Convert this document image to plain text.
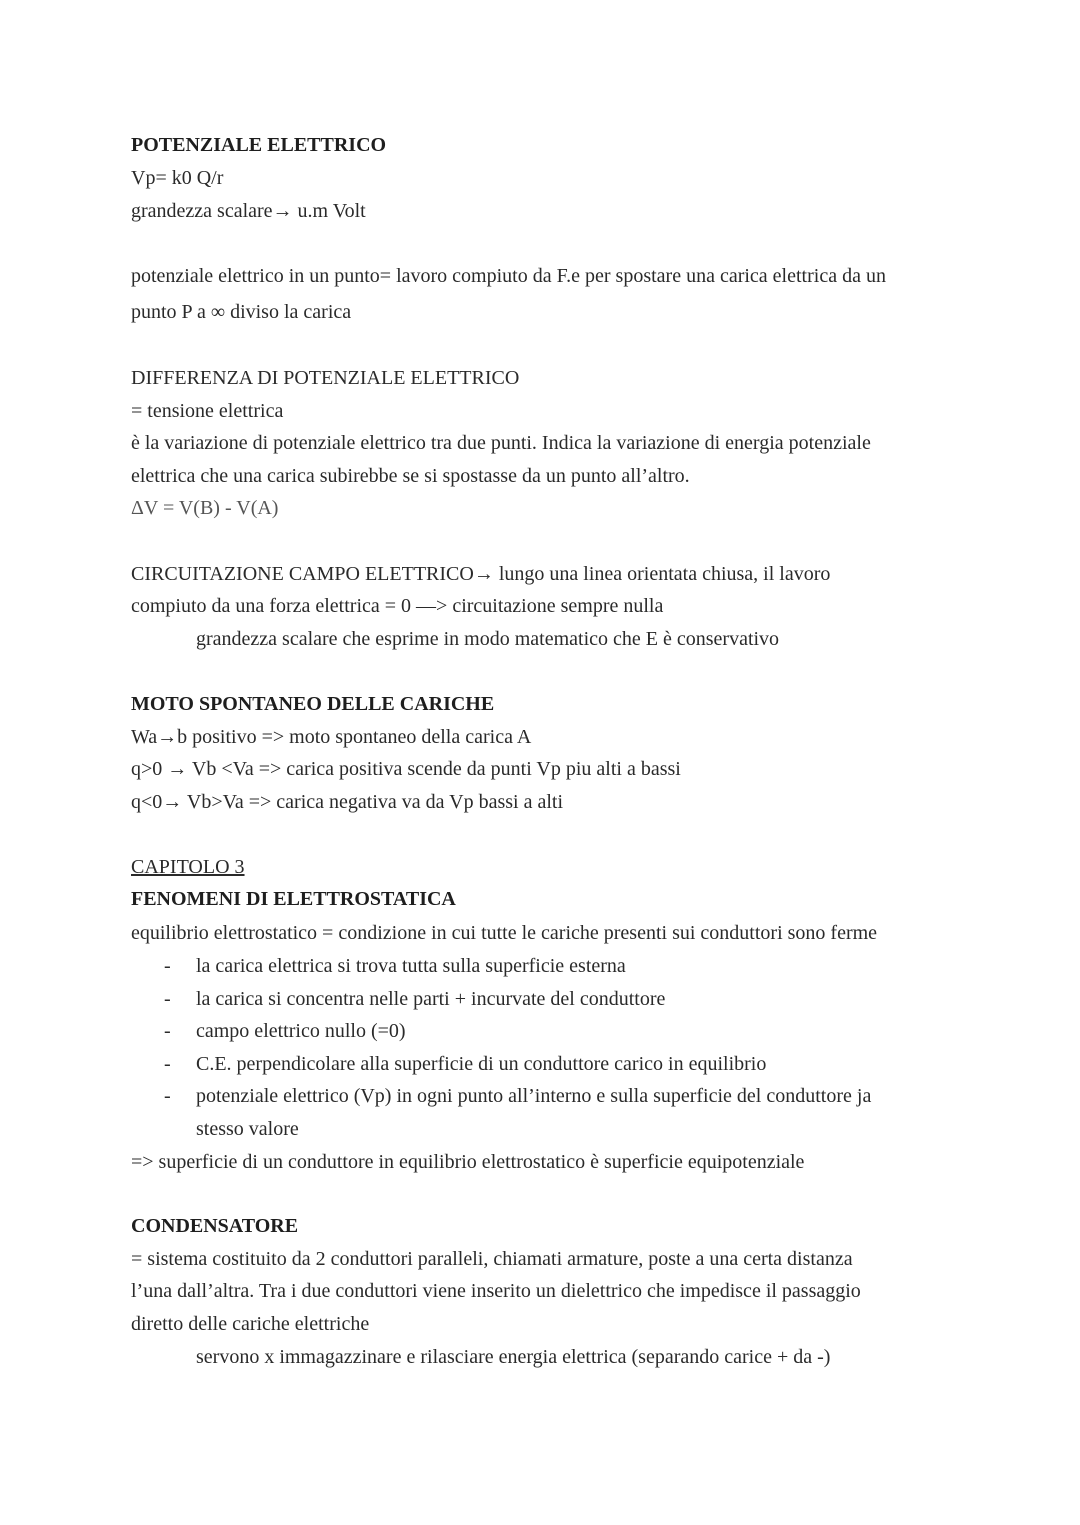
POTENZIALE ELETTRICO
Vp= k0 Q/r
grandezza scalare→ u.m Volt
potenziale elettrico in un punto= lavoro compiuto da F.e per spostare una carica elettrica da un
punto P a ∞ diviso la carica
DIFFERENZA DI POTENZIALE ELETTRICO
= tensione elettrica
è la variazione di potenziale elettrico tra due punti. Indica la variazione di energia potenziale
elettrica che una carica subirebbe se si spostasse da un punto all’altro.
ΔV = V(B) - V(A)
CIRCUITAZIONE CAMPO ELETTRICO→ lungo una linea orientata chiusa, il lavoro
compiuto da una forza elettrica = 0 —> circuitazione sempre nulla
grandezza scalare che esprime in modo matematico che E è conservativo
MOTO SPONTANEO DELLE CARICHE
Wa→b positivo => moto spontaneo della carica A
q>0 → Vb <Va => carica positiva scende da punti Vp piu alti a bassi
q<0→ Vb>Va => carica negativa va da Vp bassi a alti
CAPITOLO 3
FENOMENI DI ELETTROSTATICA
equilibrio elettrostatico = condizione in cui tutte le cariche presenti sui conduttori sono ferme
- la carica elettrica si trova tutta sulla superficie esterna
- la carica si concentra nelle parti + incurvate del conduttore
- campo elettrico nullo (=0)
- C.E. perpendicolare alla superficie di un conduttore carico in equilibrio
- potenziale elettrico (Vp) in ogni punto all’interno e sulla superficie del conduttore ja
stesso valore
=> superficie di un conduttore in equilibrio elettrostatico è superficie equipotenziale
CONDENSATORE
= sistema costituito da 2 conduttori paralleli, chiamati armature, poste a una certa distanza
l’una dall’altra. Tra i due conduttori viene inserito un dielettrico che impedisce il passaggio
diretto delle cariche elettriche
servono x immagazzinare e rilasciare energia elettrica (separando carice + da -)
